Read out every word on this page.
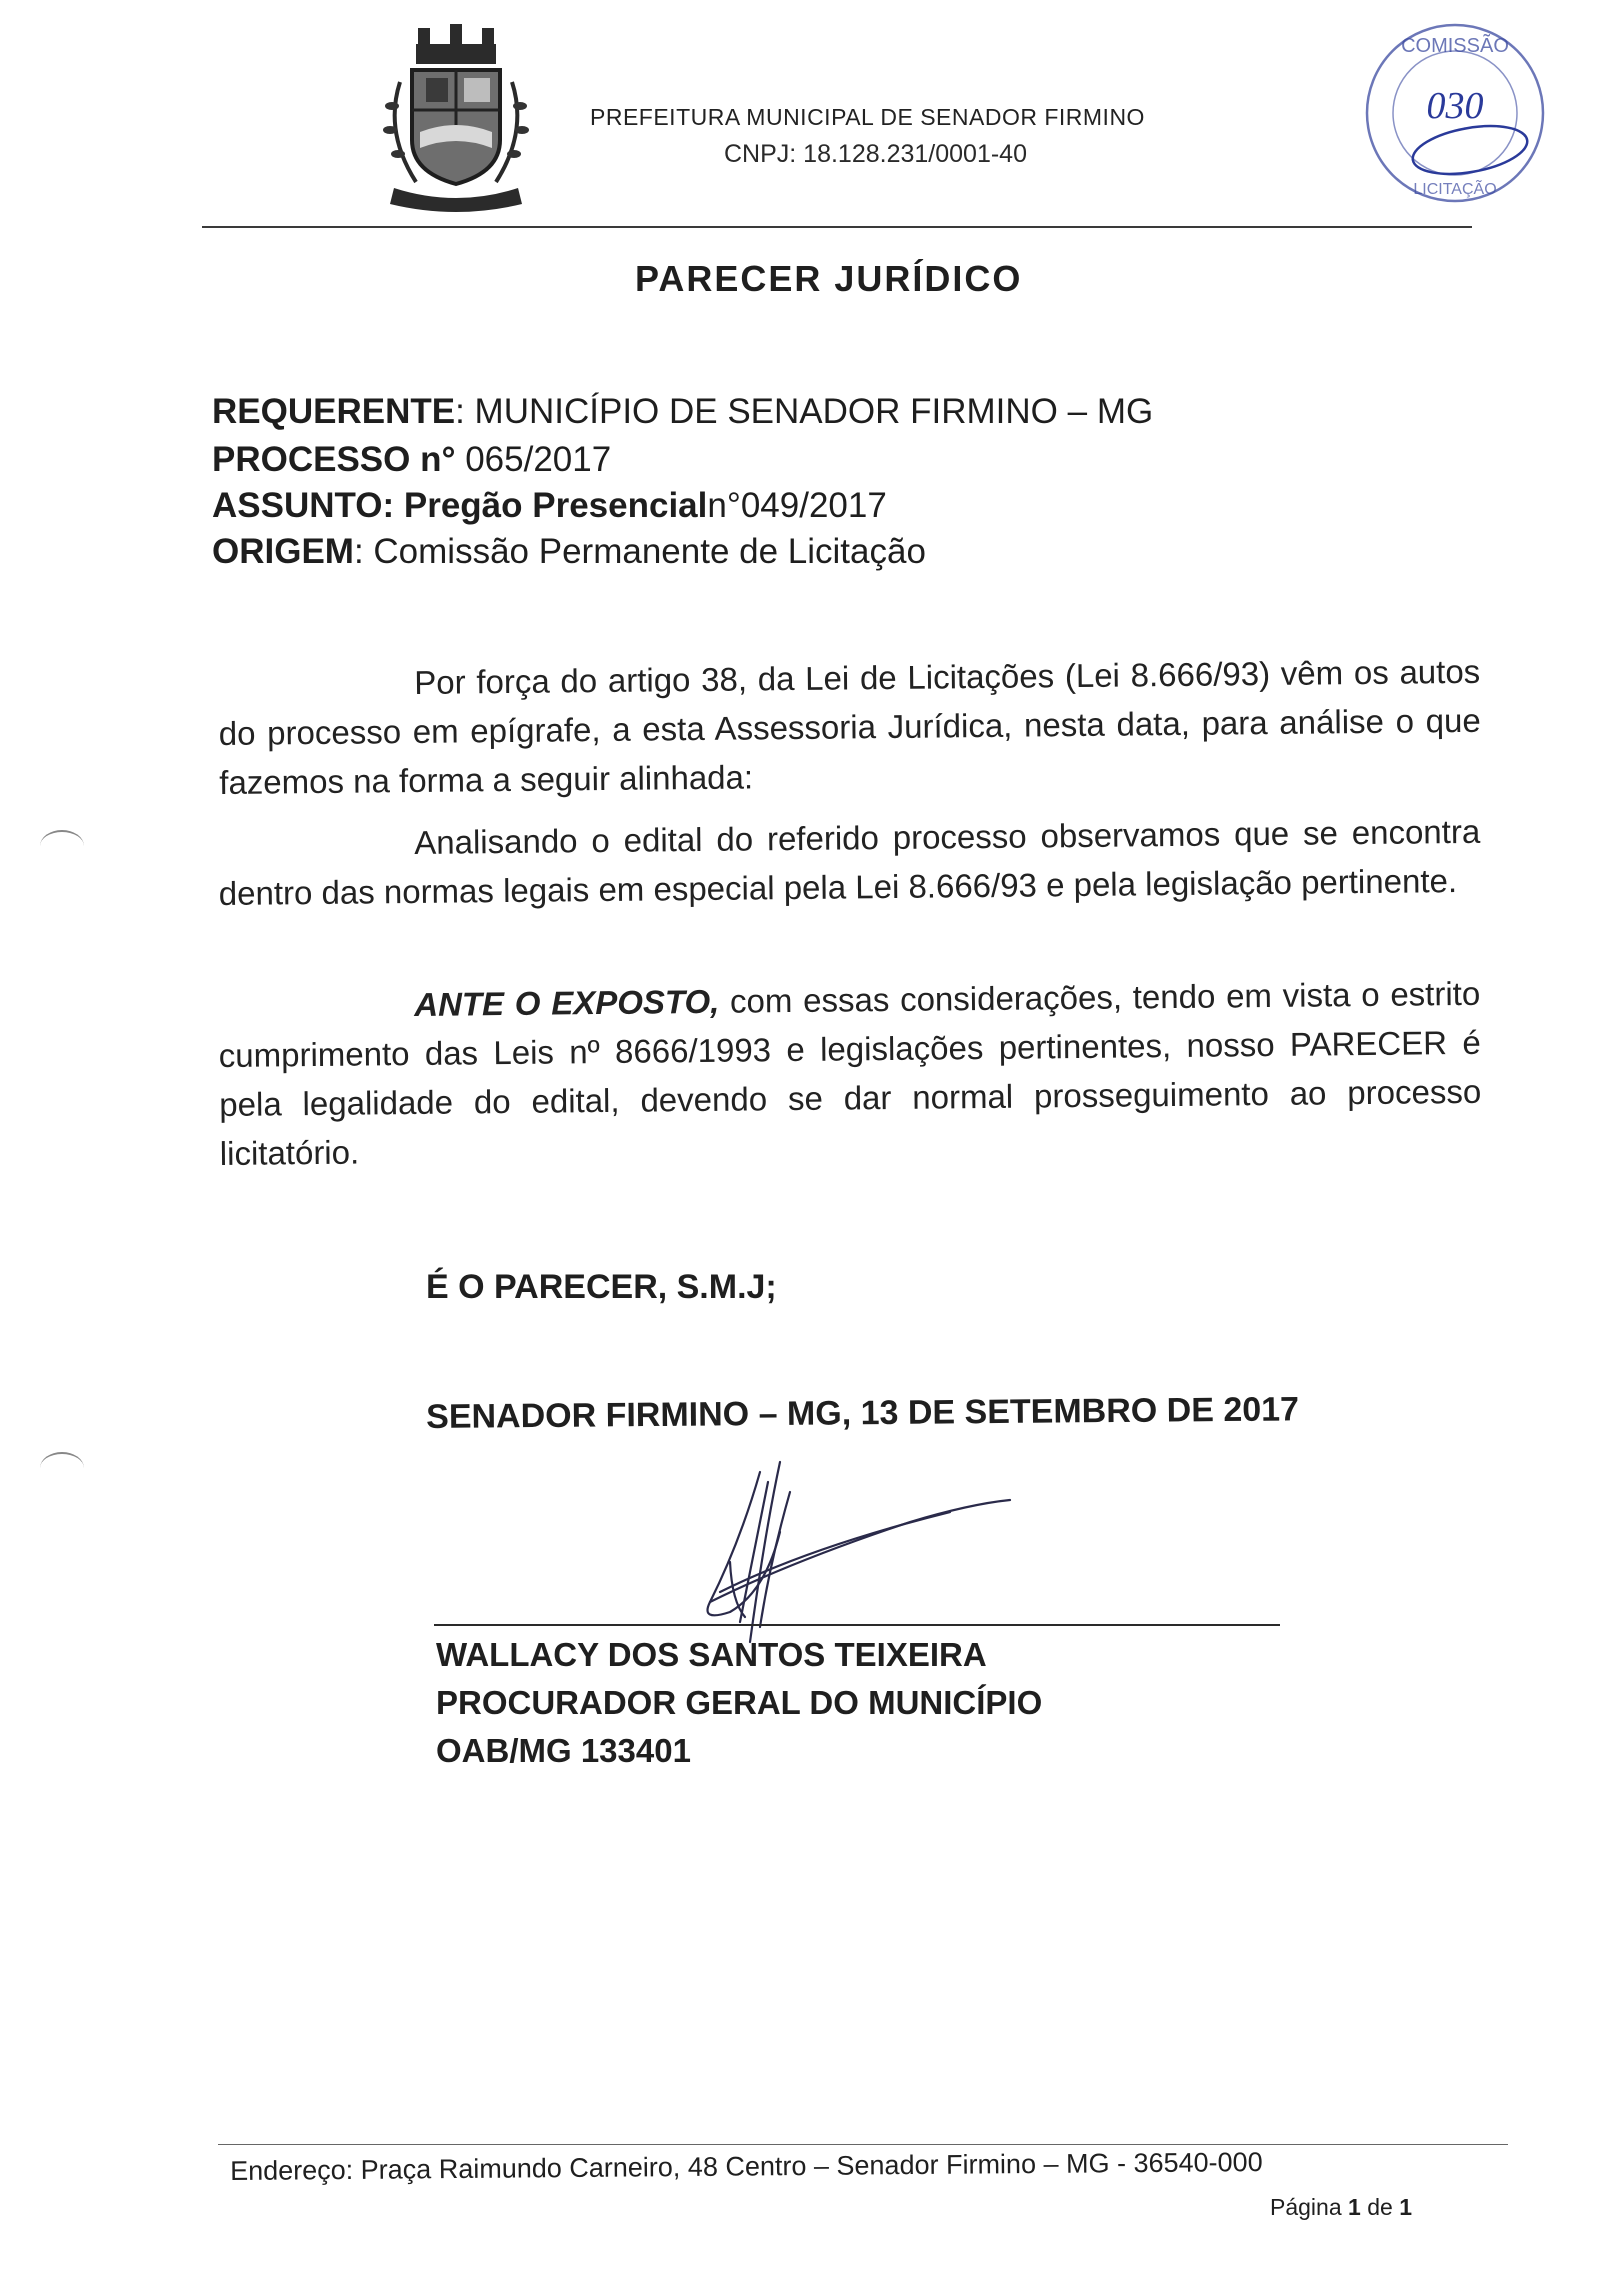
PREFEITURA MUNICIPAL DE SENADOR FIRMINO
CNPJ: 18.128.231/0001-40
COMISSÃO
030
LICITAÇÃO
PARECER JURÍDICO
REQUERENTE: MUNICÍPIO DE SENADOR FIRMINO – MG
PROCESSO n° 065/2017
ASSUNTO: Pregão Presencialn°049/2017
ORIGEM: Comissão Permanente de Licitação
Por força do artigo 38, da Lei de Licitações (Lei 8.666/93) vêm os autos do processo em epígrafe, a esta Assessoria Jurídica, nesta data, para análise o que fazemos na forma a seguir alinhada:
Analisando o edital do referido processo observamos que se encontra dentro das normas legais em especial pela Lei 8.666/93 e pela legislação pertinente.
ANTE O EXPOSTO, com essas considerações, tendo em vista o estrito cumprimento das Leis nº 8666/1993 e legislações pertinentes, nosso PARECER é pela legalidade do edital, devendo se dar normal prosseguimento ao processo licitatório.
É O PARECER, S.M.J;
SENADOR FIRMINO – MG, 13 DE SETEMBRO DE 2017
WALLACY DOS SANTOS TEIXEIRA
PROCURADOR GERAL DO MUNICÍPIO
OAB/MG 133401
Endereço: Praça Raimundo Carneiro, 48 Centro – Senador Firmino – MG - 36540-000
Página 1 de 1
